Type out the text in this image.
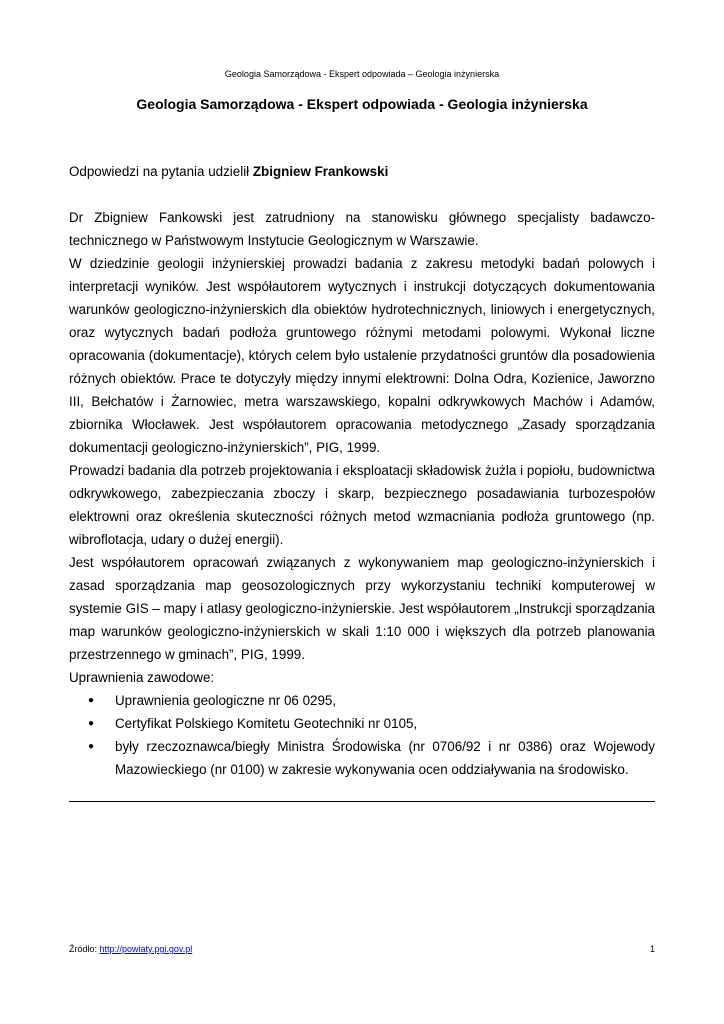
Geologia Samorządowa - Ekspert odpowiada – Geologia inżynierska
Geologia Samorządowa - Ekspert odpowiada - Geologia inżynierska

Odpowiedzi na pytania udzielił Zbigniew Frankowski

Dr Zbigniew Fankowski jest zatrudniony na stanowisku głównego specjalisty badawczo-technicznego w Państwowym Instytucie Geologicznym w Warszawie.

W dziedzinie geologii inżynierskiej prowadzi badania z zakresu metodyki badań polowych i interpretacji wyników. Jest współautorem wytycznych i instrukcji dotyczących dokumentowania warunków geologiczno-inżynierskich dla obiektów hydrotechnicznych, liniowych i energetycznych, oraz wytycznych badań podłoża gruntowego różnymi metodami polowymi. Wykonał liczne opracowania (dokumentacje), których celem było ustalenie przydatności gruntów dla posadowienia różnych obiektów. Prace te dotyczyły między innymi elektrowni: Dolna Odra, Kozienice, Jaworzno III, Bełchatów i Żarnowiec, metra warszawskiego, kopalni odkrywkowych Machów i Adamów, zbiornika Włocławek. Jest współautorem opracowania metodycznego „Zasady sporządzania dokumentacji geologiczno-inżynierskich”, PIG, 1999.

Prowadzi badania dla potrzeb projektowania i eksploatacji składowisk żużla i popiołu, budownictwa odkrywkowego, zabezpieczania zboczy i skarp, bezpiecznego posadawiania turbozespołów elektrowni oraz określenia skuteczności różnych metod wzmacniania podłoża gruntowego (np. wibroflotacja, udary o dużej energii).

Jest współautorem opracowań związanych z wykonywaniem map geologiczno-inżynierskich i zasad sporządzania map geosozologicznych przy wykorzystaniu techniki komputerowej w systemie GIS – mapy i atlasy geologiczno-inżynierskie. Jest współautorem „Instrukcji sporządzania map warunków geologiczno-inżynierskich w skali 1:10 000 i większych dla potrzeb planowania przestrzennego w gminach”, PIG, 1999.

Uprawnienia zawodowe:

● Uprawnienia geologiczne nr 06 0295,
● Certyfikat Polskiego Komitetu Geotechniki nr 0105,
● były rzeczoznawca/biegły Ministra Środowiska (nr 0706/92 i nr 0386) oraz Wojewody Mazowieckiego (nr 0100) w zakresie wykonywania ocen oddziaływania na środowisko.
Źródło: http://powiaty.pgi.gov.pl	1
